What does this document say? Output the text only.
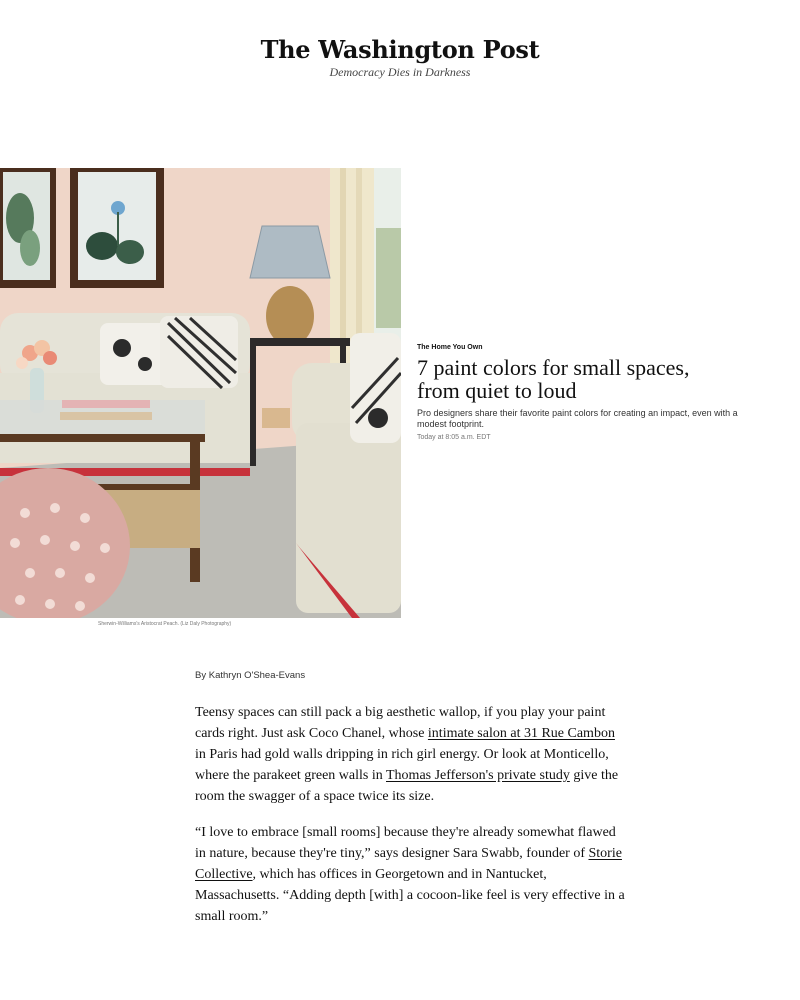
The Washington Post
Democracy Dies in Darkness
Sherwin-Williams's Aristocrat Peach. (Liz Daly Photography)
The Home You Own
7 paint colors for small spaces,
from quiet to loud
Pro designers share their favorite paint colors for creating an impact, even with a modest footprint.
Today at 8:05 a.m. EDT
By Kathryn O'Shea-Evans

Teensy spaces can still pack a big aesthetic wallop, if you play your paint cards right. Just ask Coco Chanel, whose intimate salon at 31 Rue Cambon in Paris had gold walls dripping in rich girl energy. Or look at Monticello, where the parakeet green walls in Thomas Jefferson's private study give the room the swagger of a space twice its size.

“I love to embrace [small rooms] because they're already somewhat flawed in nature, because they're tiny,” says designer Sara Swabb, founder of Storie Collective, which has offices in Georgetown and in Nantucket, Massachusetts. “Adding depth [with] a cocoon-like feel is very effective in a small room.”
